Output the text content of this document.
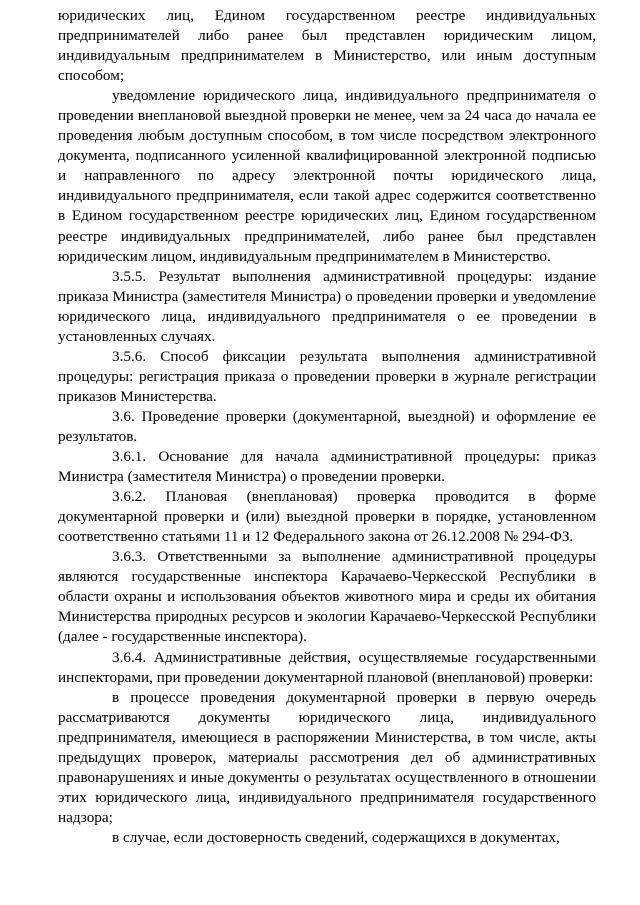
юридических лиц, Едином государственном реестре индивидуальных предпринимателей либо ранее был представлен юридическим лицом, индивидуальным предпринимателем в Министерство, или иным доступным способом;

уведомление юридического лица, индивидуального предпринимателя о проведении внеплановой выездной проверки не менее, чем за 24 часа до начала ее проведения любым доступным способом, в том числе посредством электронного документа, подписанного усиленной квалифицированной электронной подписью и направленного по адресу электронной почты юридического лица, индивидуального предпринимателя, если такой адрес содержится соответственно в Едином государственном реестре юридических лиц, Едином государственном реестре индивидуальных предпринимателей, либо ранее был представлен юридическим лицом, индивидуальным предпринимателем в Министерство.

3.5.5. Результат выполнения административной процедуры: издание приказа Министра (заместителя Министра) о проведении проверки и уведомление юридического лица, индивидуального предпринимателя о ее проведении в установленных случаях.

3.5.6. Способ фиксации результата выполнения административной процедуры: регистрация приказа о проведении проверки в журнале регистрации приказов Министерства.

3.6. Проведение проверки (документарной, выездной) и оформление ее результатов.

3.6.1. Основание для начала административной процедуры: приказ Министра (заместителя Министра) о проведении проверки.

3.6.2. Плановая (внеплановая) проверка проводится в форме документарной проверки и (или) выездной проверки в порядке, установленном соответственно статьями 11 и 12 Федерального закона от 26.12.2008 № 294-ФЗ.

3.6.3. Ответственными за выполнение административной процедуры являются государственные инспектора Карачаево-Черкесской Республики в области охраны и использования объектов животного мира и среды их обитания Министерства природных ресурсов и экологии Карачаево-Черкесской Республики (далее - государственные инспектора).

3.6.4. Административные действия, осуществляемые государственными инспекторами, при проведении документарной плановой (внеплановой) проверки:

в процессе проведения документарной проверки в первую очередь рассматриваются документы юридического лица, индивидуального предпринимателя, имеющиеся в распоряжении Министерства, в том числе, акты предыдущих проверок, материалы рассмотрения дел об административных правонарушениях и иные документы о результатах осуществленного в отношении этих юридического лица, индивидуального предпринимателя государственного надзора;

в случае, если достоверность сведений, содержащихся в документах,
